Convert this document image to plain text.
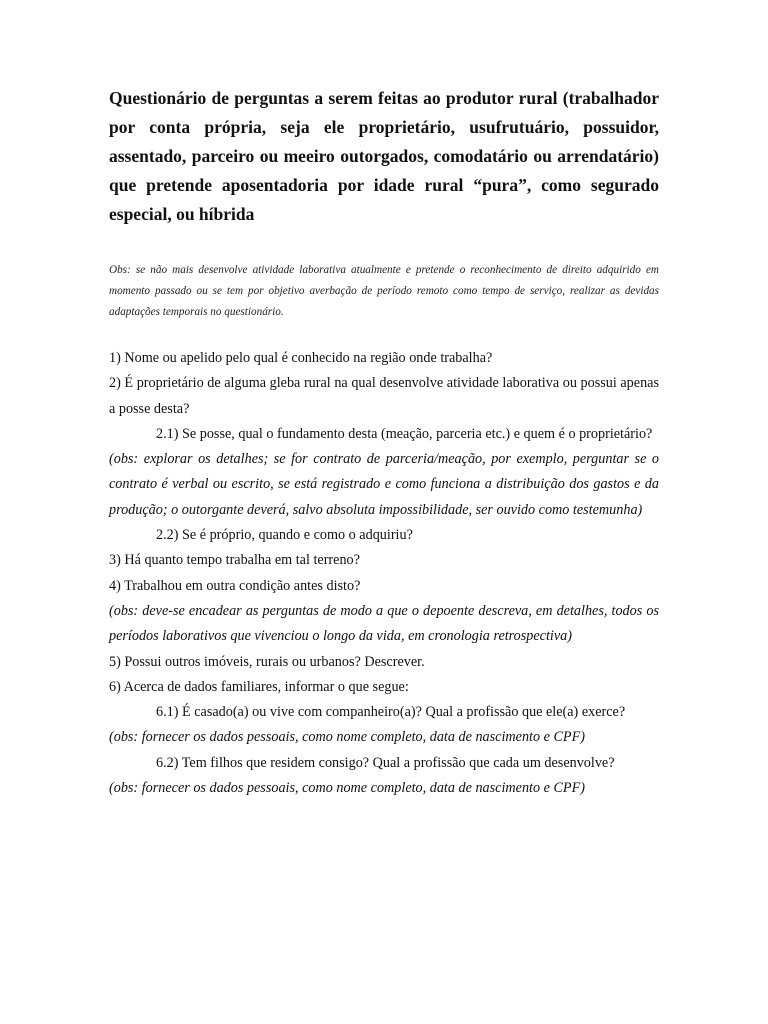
Questionário de perguntas a serem feitas ao produtor rural (trabalhador por conta própria, seja ele proprietário, usufrutuário, possuidor, assentado, parceiro ou meeiro outorgados, comodatário ou arrendatário) que pretende aposentadoria por idade rural “pura”, como segurado especial, ou híbrida

Obs: se não mais desenvolve atividade laborativa atualmente e pretende o reconhecimento de direito adquirido em momento passado ou se tem por objetivo averbação de período remoto como tempo de serviço, realizar as devidas adaptações temporais no questionário.

1) Nome ou apelido pelo qual é conhecido na região onde trabalha?

2) É proprietário de alguma gleba rural na qual desenvolve atividade laborativa ou possui apenas a posse desta?

2.1) Se posse, qual o fundamento desta (meação, parceria etc.) e quem é o proprietário?

(obs: explorar os detalhes; se for contrato de parceria/meação, por exemplo, perguntar se o contrato é verbal ou escrito, se está registrado e como funciona a distribuição dos gastos e da produção; o outorgante deverá, salvo absoluta impossibilidade, ser ouvido como testemunha)

2.2) Se é próprio, quando e como o adquiriu?

3) Há quanto tempo trabalha em tal terreno?

4) Trabalhou em outra condição antes disto?

(obs: deve-se encadear as perguntas de modo a que o depoente descreva, em detalhes, todos os períodos laborativos que vivenciou o longo da vida, em cronologia retrospectiva)

5) Possui outros imóveis, rurais ou urbanos? Descrever.

6) Acerca de dados familiares, informar o que segue:

6.1) É casado(a) ou vive com companheiro(a)? Qual a profissão que ele(a) exerce?

(obs: fornecer os dados pessoais, como nome completo, data de nascimento e CPF)

6.2) Tem filhos que residem consigo? Qual a profissão que cada um desenvolve?

(obs: fornecer os dados pessoais, como nome completo, data de nascimento e CPF)
